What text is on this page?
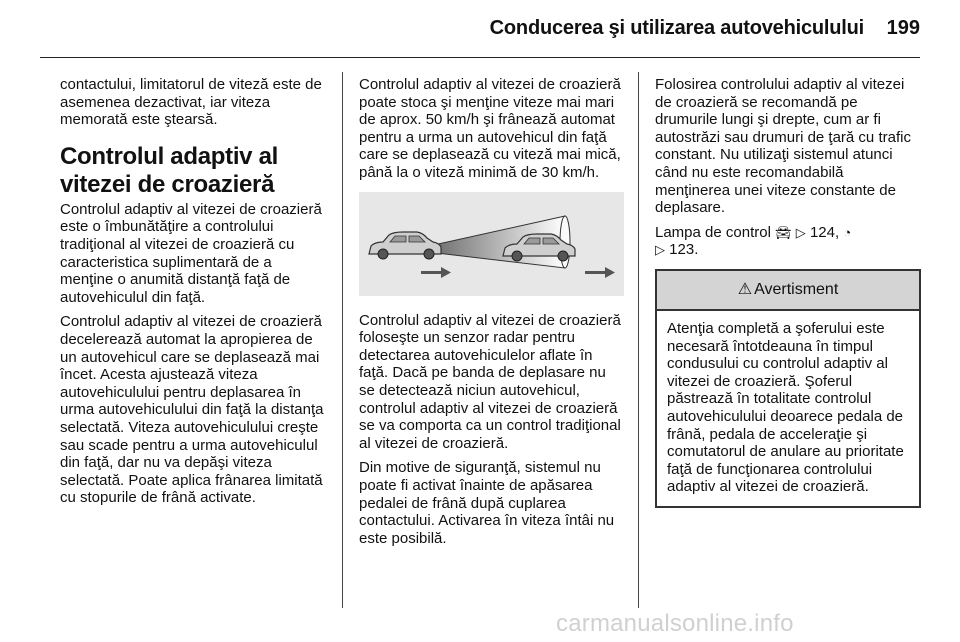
Conducerea şi utilizarea autovehiculului 199

contactului, limitatorul de viteză este de asemenea dezactivat, iar viteza memorată este ştearsă.

Controlul adaptiv al vitezei de croazieră

Controlul adaptiv al vitezei de croazieră este o îmbunătăţire a controlului tradiţional al vitezei de croazieră cu caracteristica suplimentară de a menţine o anumită distanţă faţă de autovehiculul din faţă.

Controlul adaptiv al vitezei de croazieră decelerează automat la apropierea de un autovehicul care se deplasează mai încet. Acesta ajustează viteza autovehiculului pentru deplasarea în urma autovehiculului din faţă la distanţa selectată. Viteza autovehiculului creşte sau scade pentru a urma autovehiculul din faţă, dar nu va depăşi viteza selectată. Poate aplica frânarea limitată cu stopurile de frână activate.

Controlul adaptiv al vitezei de croazieră poate stoca şi menţine viteze mai mari de aprox. 50 km/h şi frânează automat pentru a urma un autovehicul din faţă care se deplasează cu viteză mai mică, până la o viteză minimă de 30 km/h.

Controlul adaptiv al vitezei de croazieră foloseşte un senzor radar pentru detectarea autovehiculelor aflate în faţă. Dacă pe banda de deplasare nu se detectează niciun autovehicul, controlul adaptiv al vitezei de croazieră se va comporta ca un control tradiţional al vitezei de croazieră.

Din motive de siguranţă, sistemul nu poate fi activat înainte de apăsarea pedalei de frână după cuplarea contactului. Activarea în viteza întâi nu este posibilă.

Folosirea controlului adaptiv al vitezei de croazieră se recomandă pe drumurile lungi şi drepte, cum ar fi autostrăzi sau drumuri de ţară cu trafic constant. Nu utilizaţi sistemul atunci când nu este recomandabilă menţinerea unei viteze constante de deplasare.

Lampa de control 🚘︎ ▷ 124, ◔
▷ 123.

⚠ Avertisment
Atenţia completă a şoferului este necesară întotdeauna în timpul condusului cu controlul adaptiv al vitezei de croazieră. Şoferul păstrează în totalitate controlul autovehiculului deoarece pedala de frână, pedala de acceleraţie şi comutatorul de anulare au prioritate faţă de funcţionarea controlului adaptiv al vitezei de croazieră.
carmanualsonline.info
